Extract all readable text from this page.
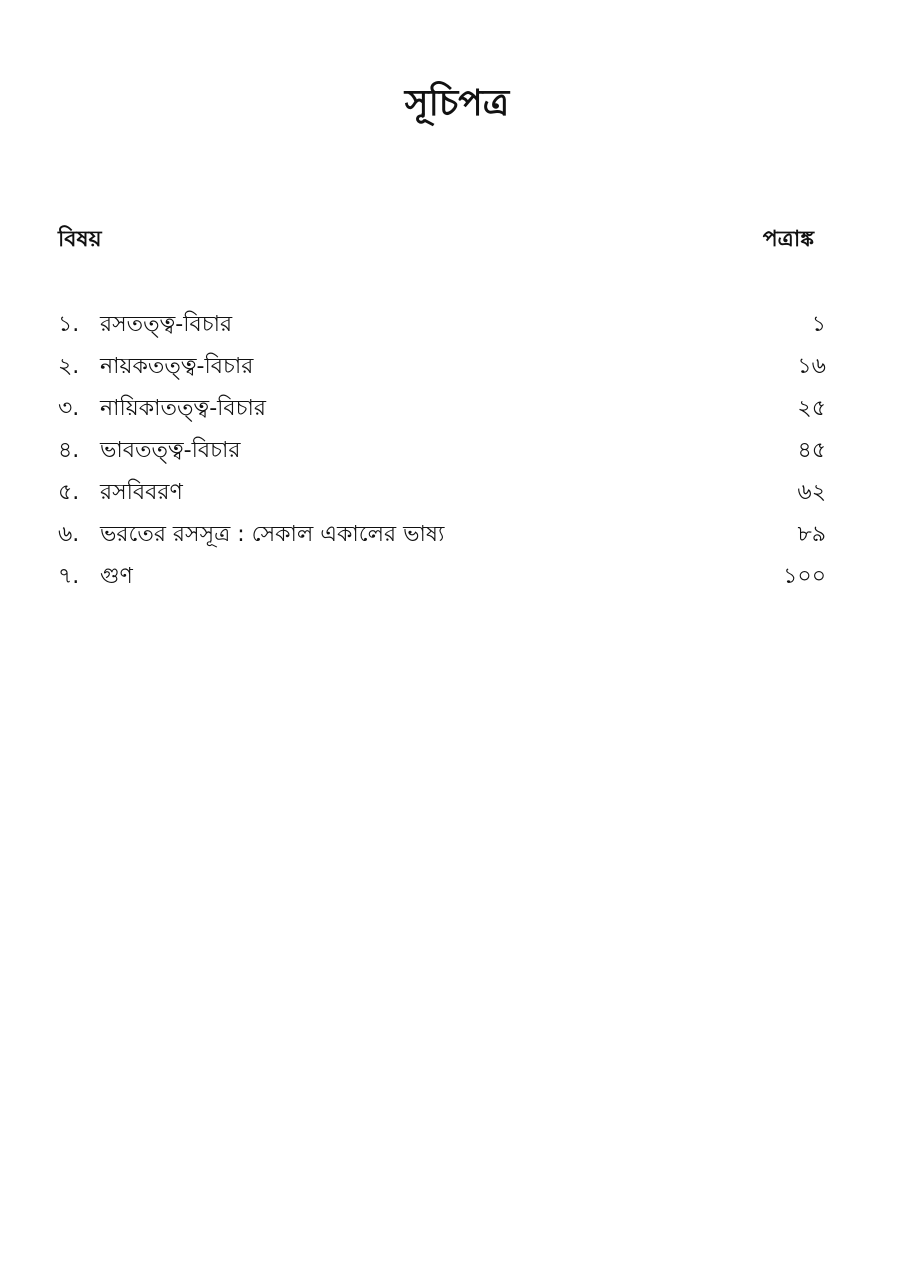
সূচিপত্র
বিষয়	পত্রাঙ্ক
১. রসতত্ত্ব-বিচার	১
২. নায়কতত্ত্ব-বিচার	১৬
৩. নায়িকাতত্ত্ব-বিচার	২৫
৪. ভাবতত্ত্ব-বিচার	৪৫
৫. রসবিবরণ	৬২
৬. ভরতের রসসূত্র : সেকাল একালের ভাষ্য	৮৯
৭. গুণ	১০০
